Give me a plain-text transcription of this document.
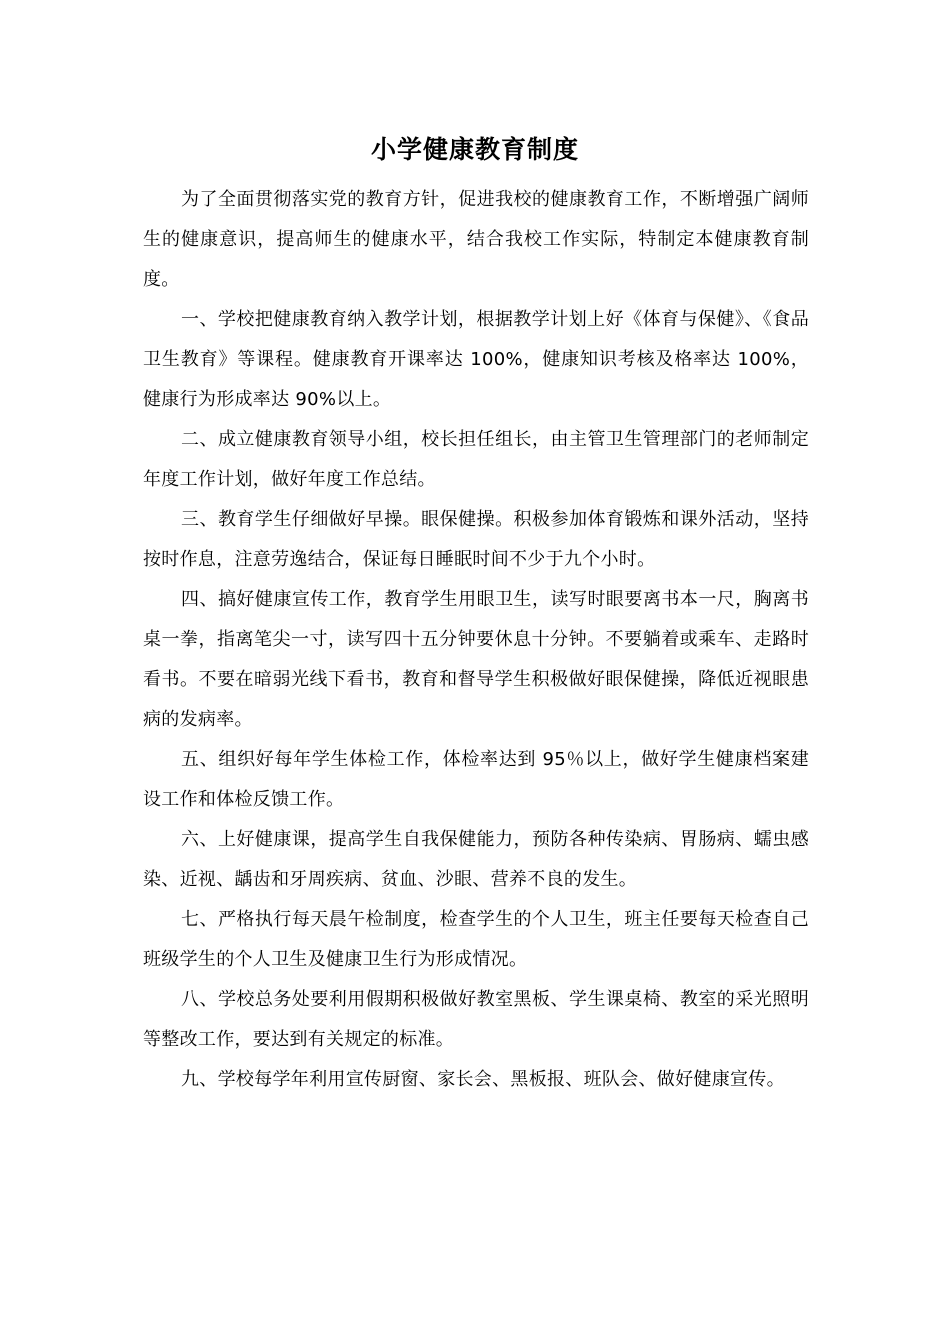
小学健康教育制度

为了全面贯彻落实党的教育方针，促进我校的健康教育工作，不断增强广阔师生的健康意识，提高师生的健康水平，结合我校工作实际，特制定本健康教育制度。

一、学校把健康教育纳入教学计划，根据教学计划上好《体育与保健》、《食品卫生教育》等课程。健康教育开课率达 100%，健康知识考核及格率达 100%，健康行为形成率达 90%以上。

二、成立健康教育领导小组，校长担任组长，由主管卫生管理部门的老师制定年度工作计划，做好年度工作总结。

三、教育学生仔细做好早操。眼保健操。积极参加体育锻炼和课外活动，坚持按时作息，注意劳逸结合，保证每日睡眠时间不少于九个小时。

四、搞好健康宣传工作，教育学生用眼卫生，读写时眼要离书本一尺，胸离书桌一拳，指离笔尖一寸，读写四十五分钟要休息十分钟。不要躺着或乘车、走路时看书。不要在暗弱光线下看书，教育和督导学生积极做好眼保健操，降低近视眼患病的发病率。

五、组织好每年学生体检工作，体检率达到 95％以上，做好学生健康档案建设工作和体检反馈工作。

六、上好健康课，提高学生自我保健能力，预防各种传染病、胃肠病、蠕虫感染、近视、龋齿和牙周疾病、贫血、沙眼、营养不良的发生。

七、严格执行每天晨午检制度，检查学生的个人卫生，班主任要每天检查自己班级学生的个人卫生及健康卫生行为形成情况。

八、学校总务处要利用假期积极做好教室黑板、学生课桌椅、教室的采光照明等整改工作，要达到有关规定的标准。

九、学校每学年利用宣传厨窗、家长会、黑板报、班队会、做好健康宣传。
